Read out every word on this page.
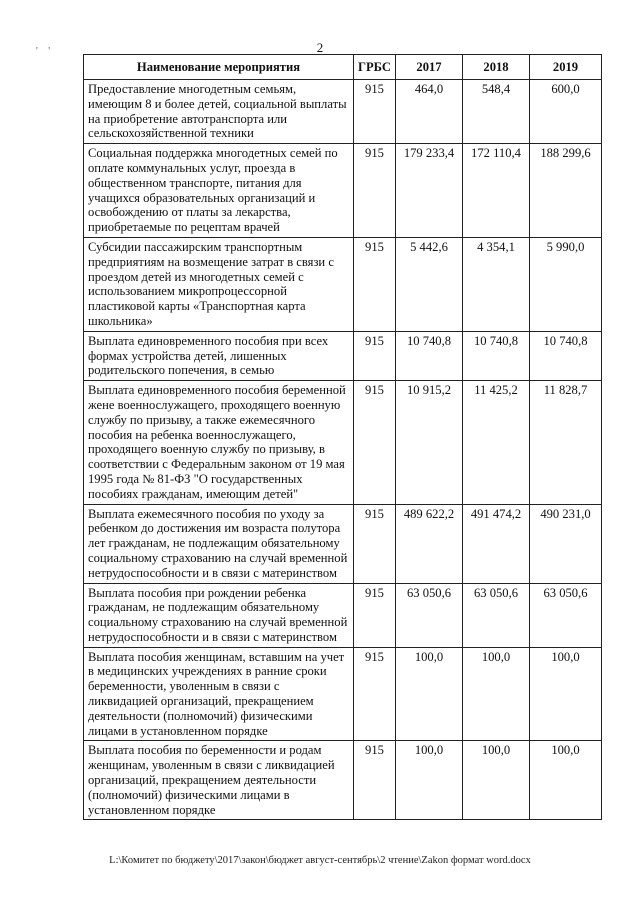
' '	2
Наименование мероприятия	ГРБС	2017	2018	2019
Предоставление многодетным семьям, имеющим 8 и более детей, социальной выплаты на приобретение автотранспорта или сельскохозяйственной техники	915	464,0	548,4	600,0
Социальная поддержка многодетных семей по оплате коммунальных услуг, проезда в общественном транспорте, питания для учащихся образовательных организаций и освобождению от платы за лекарства, приобретаемые по рецептам врачей	915	179 233,4	172 110,4	188 299,6
Субсидии пассажирским транспортным предприятиям на возмещение затрат в связи с проездом детей из многодетных семей с использованием микропроцессорной пластиковой карты «Транспортная карта школьника»	915	5 442,6	4 354,1	5 990,0
Выплата единовременного пособия при всех формах устройства детей, лишенных родительского попечения, в семью	915	10 740,8	10 740,8	10 740,8
Выплата единовременного пособия беременной жене военнослужащего, проходящего военную службу по призыву, а также ежемесячного пособия на ребенка военнослужащего, проходящего военную службу по призыву, в соответствии с Федеральным законом от 19 мая 1995 года № 81-ФЗ "О государственных пособиях гражданам, имеющим детей"	915	10 915,2	11 425,2	11 828,7
Выплата ежемесячного пособия по уходу за ребенком до достижения им возраста полутора лет гражданам, не подлежащим обязательному социальному страхованию на случай временной нетрудоспособности и в связи с материнством	915	489 622,2	491 474,2	490 231,0
Выплата пособия при рождении ребенка гражданам, не подлежащим обязательному социальному страхованию на случай временной нетрудоспособности и в связи с материнством	915	63 050,6	63 050,6	63 050,6
Выплата пособия женщинам, вставшим на учет в медицинских учреждениях в ранние сроки беременности, уволенным в связи с ликвидацией организаций, прекращением деятельности (полномочий) физическими лицами в установленном порядке	915	100,0	100,0	100,0
Выплата пособия по беременности и родам женщинам, уволенным в связи с ликвидацией организаций, прекращением деятельности (полномочий) физическими лицами в установленном порядке	915	100,0	100,0	100,0
L:\Комитет по бюджету\2017\закон\бюджет август-сентябрь\2 чтение\Zakon формат word.docx
